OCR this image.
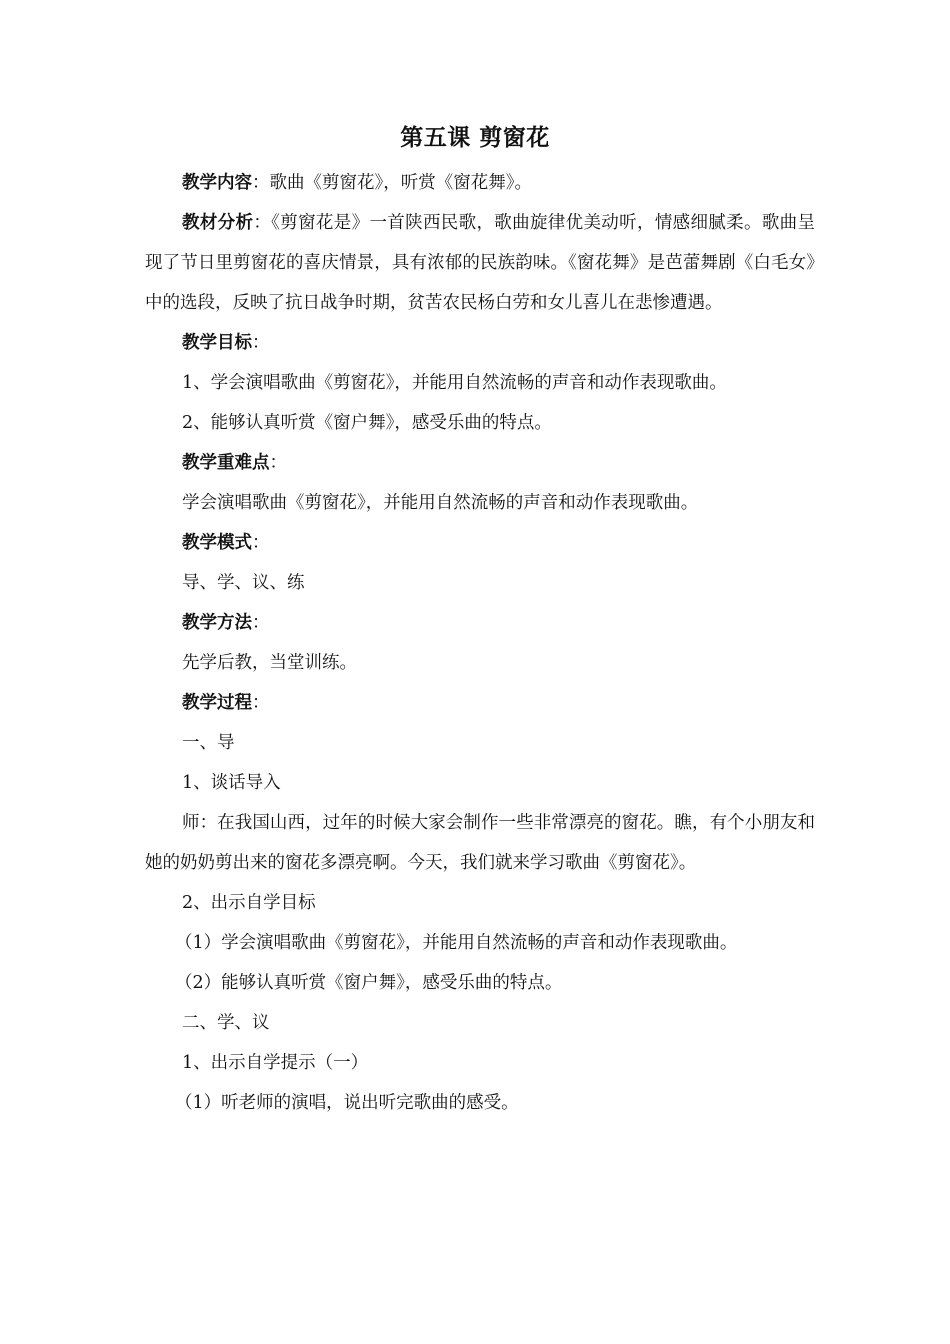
第五课 剪窗花

教学内容：歌曲《剪窗花》，听赏《窗花舞》。

教材分析：《剪窗花是》一首陕西民歌，歌曲旋律优美动听，情感细腻柔。歌曲呈现了节日里剪窗花的喜庆情景，具有浓郁的民族韵味。《窗花舞》是芭蕾舞剧《白毛女》中的选段，反映了抗日战争时期，贫苦农民杨白劳和女儿喜儿在悲惨遭遇。

教学目标：

1、学会演唱歌曲《剪窗花》，并能用自然流畅的声音和动作表现歌曲。

2、能够认真听赏《窗户舞》，感受乐曲的特点。

教学重难点：

学会演唱歌曲《剪窗花》，并能用自然流畅的声音和动作表现歌曲。

教学模式：

导、学、议、练

教学方法：

先学后教，当堂训练。

教学过程：

一、导

1、谈话导入

师：在我国山西，过年的时候大家会制作一些非常漂亮的窗花。瞧，有个小朋友和她的奶奶剪出来的窗花多漂亮啊。今天，我们就来学习歌曲《剪窗花》。

2、出示自学目标

（1）学会演唱歌曲《剪窗花》，并能用自然流畅的声音和动作表现歌曲。

（2）能够认真听赏《窗户舞》，感受乐曲的特点。

二、学、议

1、出示自学提示（一）

（1）听老师的演唱，说出听完歌曲的感受。
